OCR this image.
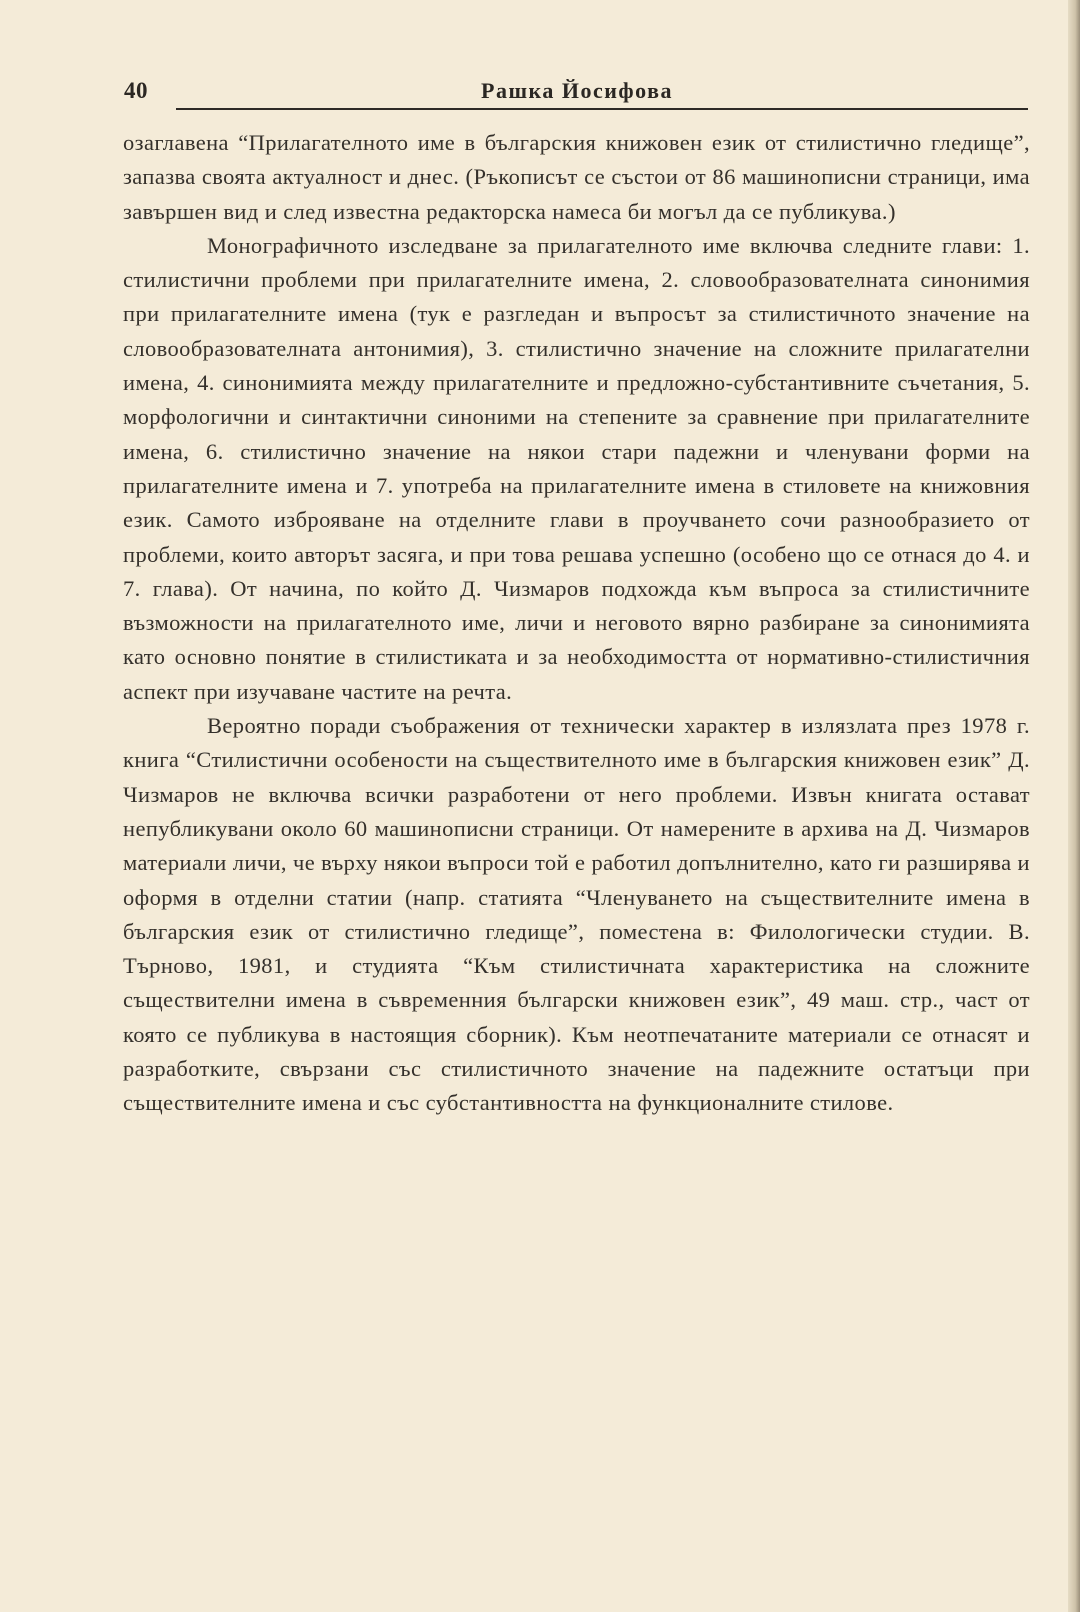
40	Рашка Йосифова

озаглавена “Прилагателното име в българския книжовен език от стилистично гледище”, запазва своята актуалност и днес. (Ръкописът се състои от 86 машинописни страници, има завършен вид и след известна редакторска намеса би могъл да се публикува.)

Монографичното изследване за прилагателното име включва следните глави: 1. стилистични проблеми при прилагателните имена, 2. словообразователната синонимия при прилагателните имена (тук е разгледан и въпросът за стилистичното значение на словообразователната антонимия), 3. стилистично значение на сложните прилагателни имена, 4. синонимията между прилагателните и предложно-субстантивните съчетания, 5. морфологични и синтактични синоними на степените за сравнение при прилагателните имена, 6. стилистично значение на някои стари падежни и членувани форми на прилагателните имена и 7. употреба на прилагателните имена в стиловете на книжовния език. Самото изброяване на отделните глави в проучването сочи разнообразието от проблеми, които авторът засяга, и при това решава успешно (особено що се отнася до 4. и 7. глава). От начина, по който Д. Чизмаров подхожда към въпроса за стилистичните възможности на прилагателното име, личи и неговото вярно разбиране за синонимията като основно понятие в стилистиката и за необходимостта от нормативно-стилистичния аспект при изучаване частите на речта.

Вероятно поради съображения от технически характер в излязлата през 1978 г. книга “Стилистични особености на съществителното име в българския книжовен език” Д. Чизмаров не включва всички разработени от него проблеми. Извън книгата остават непубликувани около 60 машинописни страници. От намерените в архива на Д. Чизмаров материали личи, че върху някои въпроси той е работил допълнително, като ги разширява и оформя в отделни статии (напр. статията “Членуването на съществителните имена в българския език от стилистично гледище”, поместена в: Филологически студии. В. Търново, 1981, и студията “Към стилистичната характеристика на сложните съществителни имена в съвременния български книжовен език”, 49 маш. стр., част от която се публикува в настоящия сборник). Към неотпечатаните материали се отнасят и разработките, свързани със стилистичното значение на падежните остатъци при съществителните имена и със субстантивността на функционалните стилове.
